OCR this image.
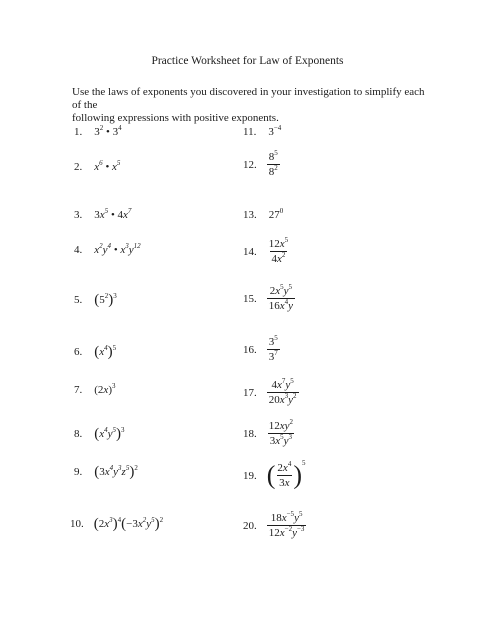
Practice Worksheet for Law of Exponents
Use the laws of exponents you discovered in your investigation to simplify each of the
following expressions with positive exponents.
1. $3^2$ • $3^4$
2. $x^6$ • $x^5$
3. $3x^5$ • $4x^7$
4. $x^2y^4$ • $x^3y^{12}$
5. $(5^2)^3$
6. $(x^4)^5$
7. $(2x)^3$
8. $(x^4y^5)^3$
9. $(3x^4y^3z^5)^2$
10. $(2x^3)^4(-3x^2y^5)^2$
11. $3^{-4}$
12. $\frac{8^5}{8^2}$
13. $27^0$
14. $\frac{12x^5}{4x^2}$
15. $\frac{2x^5y^5}{16x^4y}$
16. $\frac{3^5}{3^7}$
17. $\frac{4x^7y^5}{20x^3y^2}$
18. $\frac{12xy^2}{3x^5y^3}$
19. ( $\frac{2x^4}{3x} )^5$
20. $\frac{18x^{-5}y^5}{12x^{-2}y^{-3}}$
